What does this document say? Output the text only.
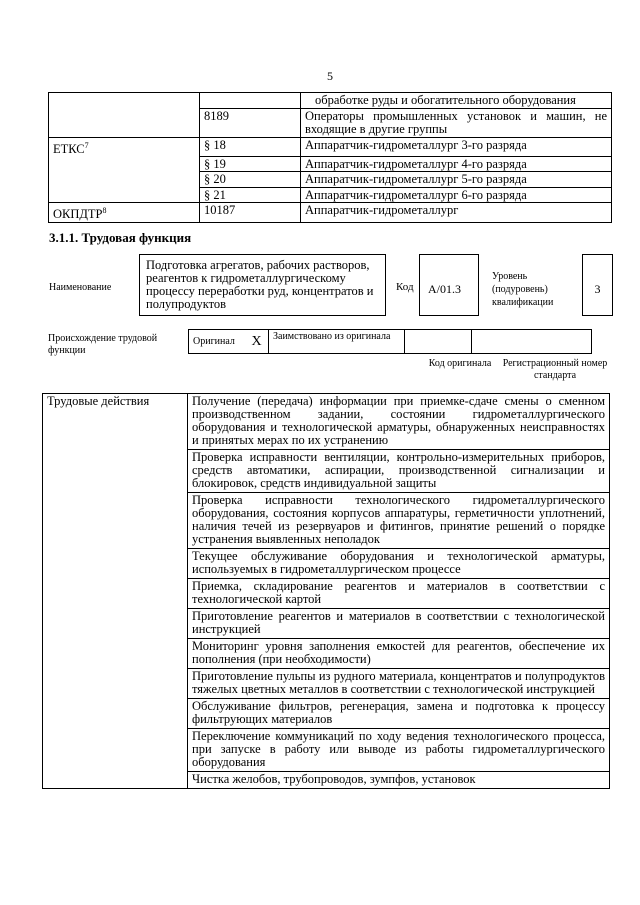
5
		обработке руды и обогатительного оборудования
	8189	Операторы промышленных установок и машин, не входящие в другие группы
ЕТКС$^7$	§ 18	Аппаратчик-гидрометаллург 3-го разряда
	§ 19	Аппаратчик-гидрометаллург 4-го разряда
	§ 20	Аппаратчик-гидрометаллург 5-го разряда
	§ 21	Аппаратчик-гидрометаллург 6-го разряда
ОКПДТР$^8$	10187	Аппаратчик-гидрометаллург
3.1.1. Трудовая функция
Наименование
Подготовка агрегатов, рабочих растворов, реагентов к гидрометаллургическому процессу переработки руд, концентратов и полупродуктов
Код	A/01.3
Уровень
(подуровень)
квалификации
3
Происхождение трудовой функции
Оригинал	X	Заимствовано из оригинала		
Код оригинала	Регистрационный номер стандарта
Трудовые действия	Получение (передача) информации при приемке-сдаче смены о сменном производственном задании, состоянии гидрометаллургического оборудования и технологической арматуры, обнаруженных неисправностях и принятых мерах по их устранению
Проверка исправности вентиляции, контрольно-измерительных приборов, средств автоматики, аспирации, производственной сигнализации и блокировок, средств индивидуальной защиты
Проверка исправности технологического гидрометаллургического оборудования, состояния корпусов аппаратуры, герметичности уплотнений, наличия течей из резервуаров и фитингов, принятие решений о порядке устранения выявленных неполадок
Текущее обслуживание оборудования и технологической арматуры, используемых в гидрометаллургическом процессе
Приемка, складирование реагентов и материалов в соответствии с технологической картой
Приготовление реагентов и материалов в соответствии с технологической инструкцией
Мониторинг уровня заполнения емкостей для реагентов, обеспечение их пополнения (при необходимости)
Приготовление пульпы из рудного материала, концентратов и полупродуктов тяжелых цветных металлов в соответствии с технологической инструкцией
Обслуживание фильтров, регенерация, замена и подготовка к процессу фильтрующих материалов
Переключение коммуникаций по ходу ведения технологического процесса, при запуске в работу или выводе из работы гидрометаллургического оборудования
Чистка желобов, трубопроводов, зумпфов, установок
